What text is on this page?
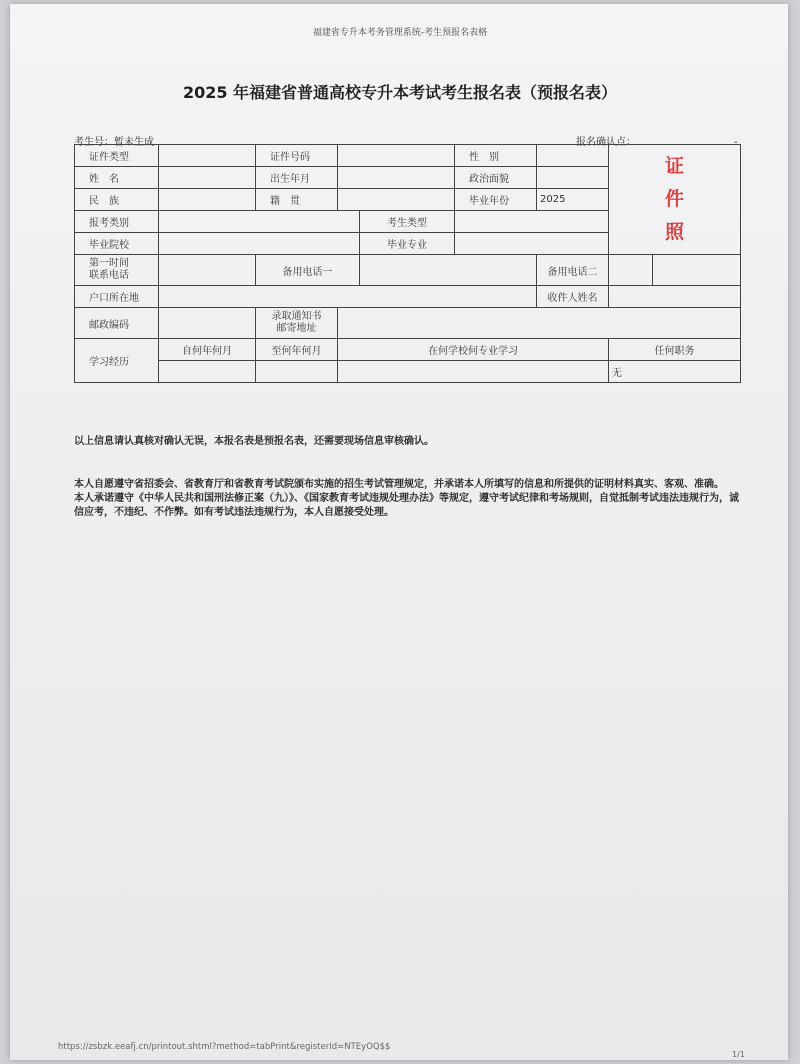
福建省专升本考务管理系统-考生预报名表格
2025 年福建省普通高校专升本考试考生报名表（预报名表）
考生号：暂未生成	报名确认点：	-
证件类型		证件号码			性　别		证
件
照	

姓　名		出生年月			政治面貌			
民　族		籍　贯			毕业年份	2025		
报考类别				考生类型				
毕业院校				毕业专业				

第一时间
联系电话		备用电话一				备用电话二		
户口所在地						收件人姓名		
邮政编码		录取通知书
邮寄地址						

学习经历	自何年何月	至何年何月	在何学校何专业学习				任何职务	
							无	
以上信息请认真核对确认无误，本报名表是预报名表，还需要现场信息审核确认。
本人自愿遵守省招委会、省教育厅和省教育考试院颁布实施的招生考试管理规定，并承诺本人所填写的信息和所提供的证明材料真实、客观、准确。
本人承诺遵守《中华人民共和国刑法修正案（九）》、《国家教育考试违规处理办法》等规定，遵守考试纪律和考场规则，自觉抵制考试违法违规行为，诚信应考，不违纪、不作弊。如有考试违法违规行为，本人自愿接受处理。
https://zsbzk.eeafj.cn/printout.shtml?method=tabPrint&registerId=NTEyOQ$$
1/1
